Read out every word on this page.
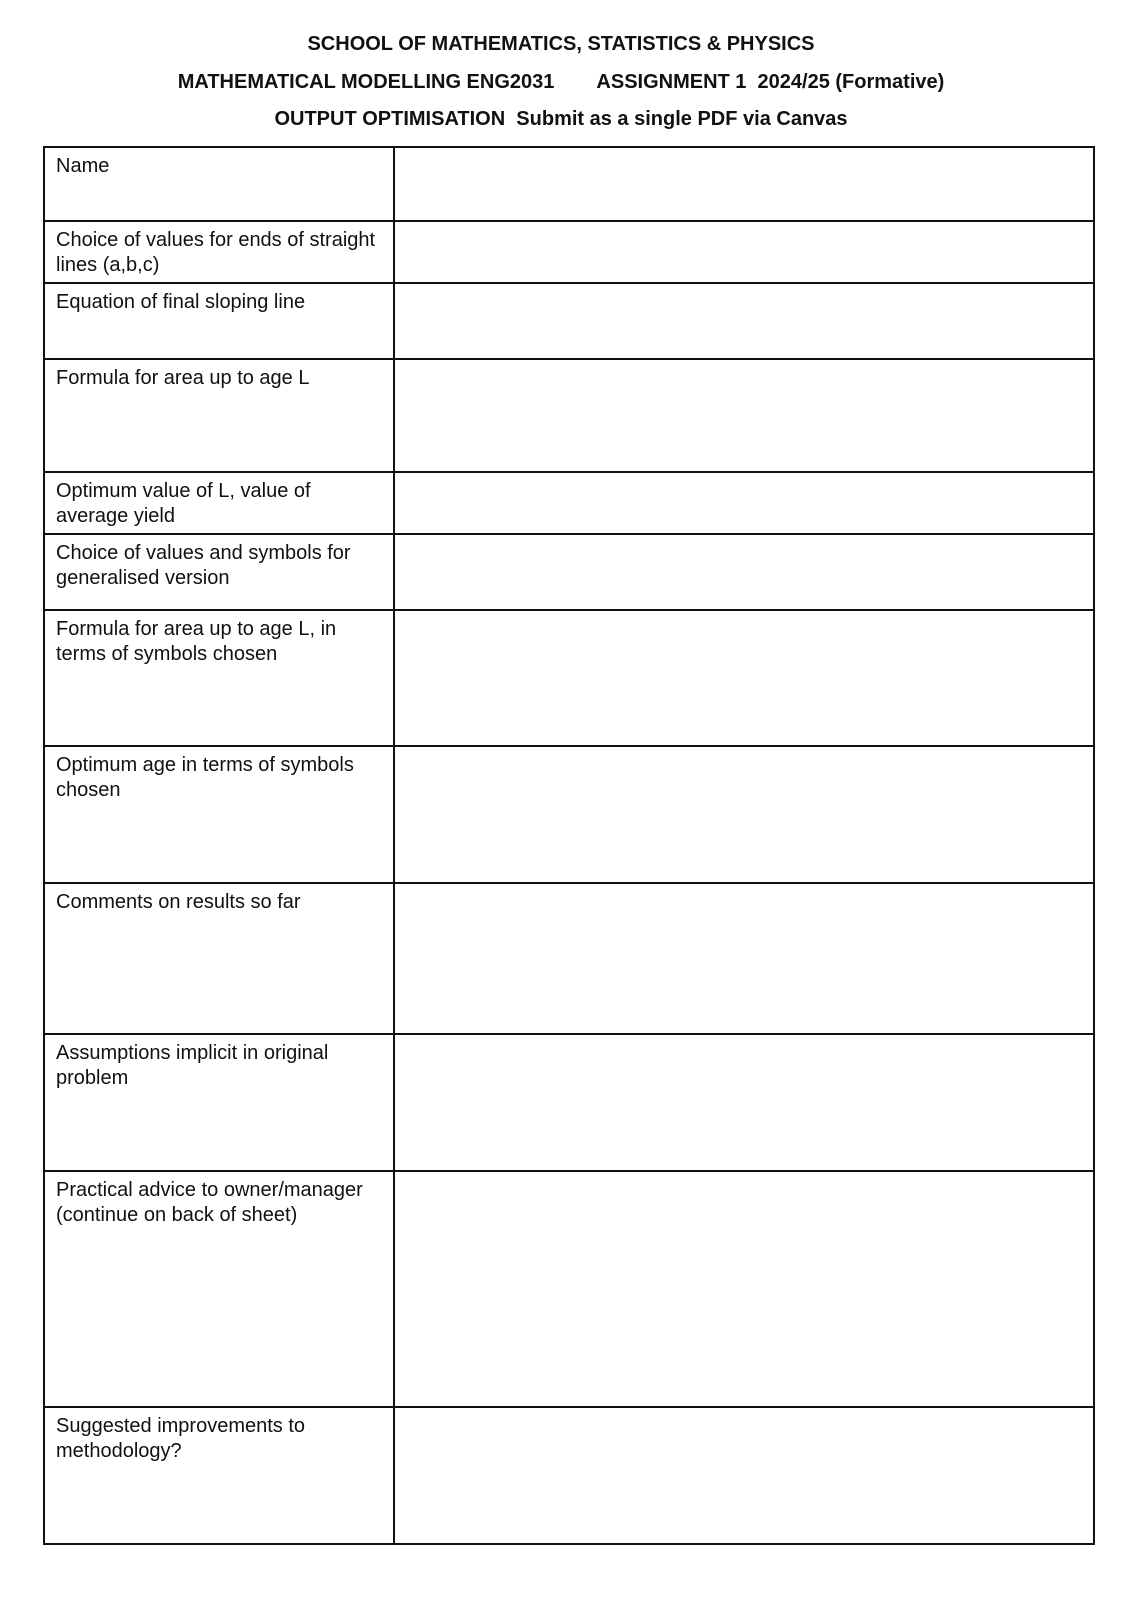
SCHOOL OF MATHEMATICS, STATISTICS & PHYSICS
MATHEMATICAL MODELLING ENG2031 ASSIGNMENT 1  2024/25 (Formative)
OUTPUT OPTIMISATION  Submit as a single PDF via Canvas
Name	
Choice of values for ends of straight lines (a,b,c)	
Equation of final sloping line	
Formula for area up to age L	
Optimum value of L, value of average yield	
Choice of values and symbols for generalised version	
Formula for area up to age L, in terms of symbols chosen	
Optimum age in terms of symbols chosen	
Comments on results so far	
Assumptions implicit in original problem	
Practical advice to owner/manager (continue on back of sheet)	
Suggested improvements to methodology?	
